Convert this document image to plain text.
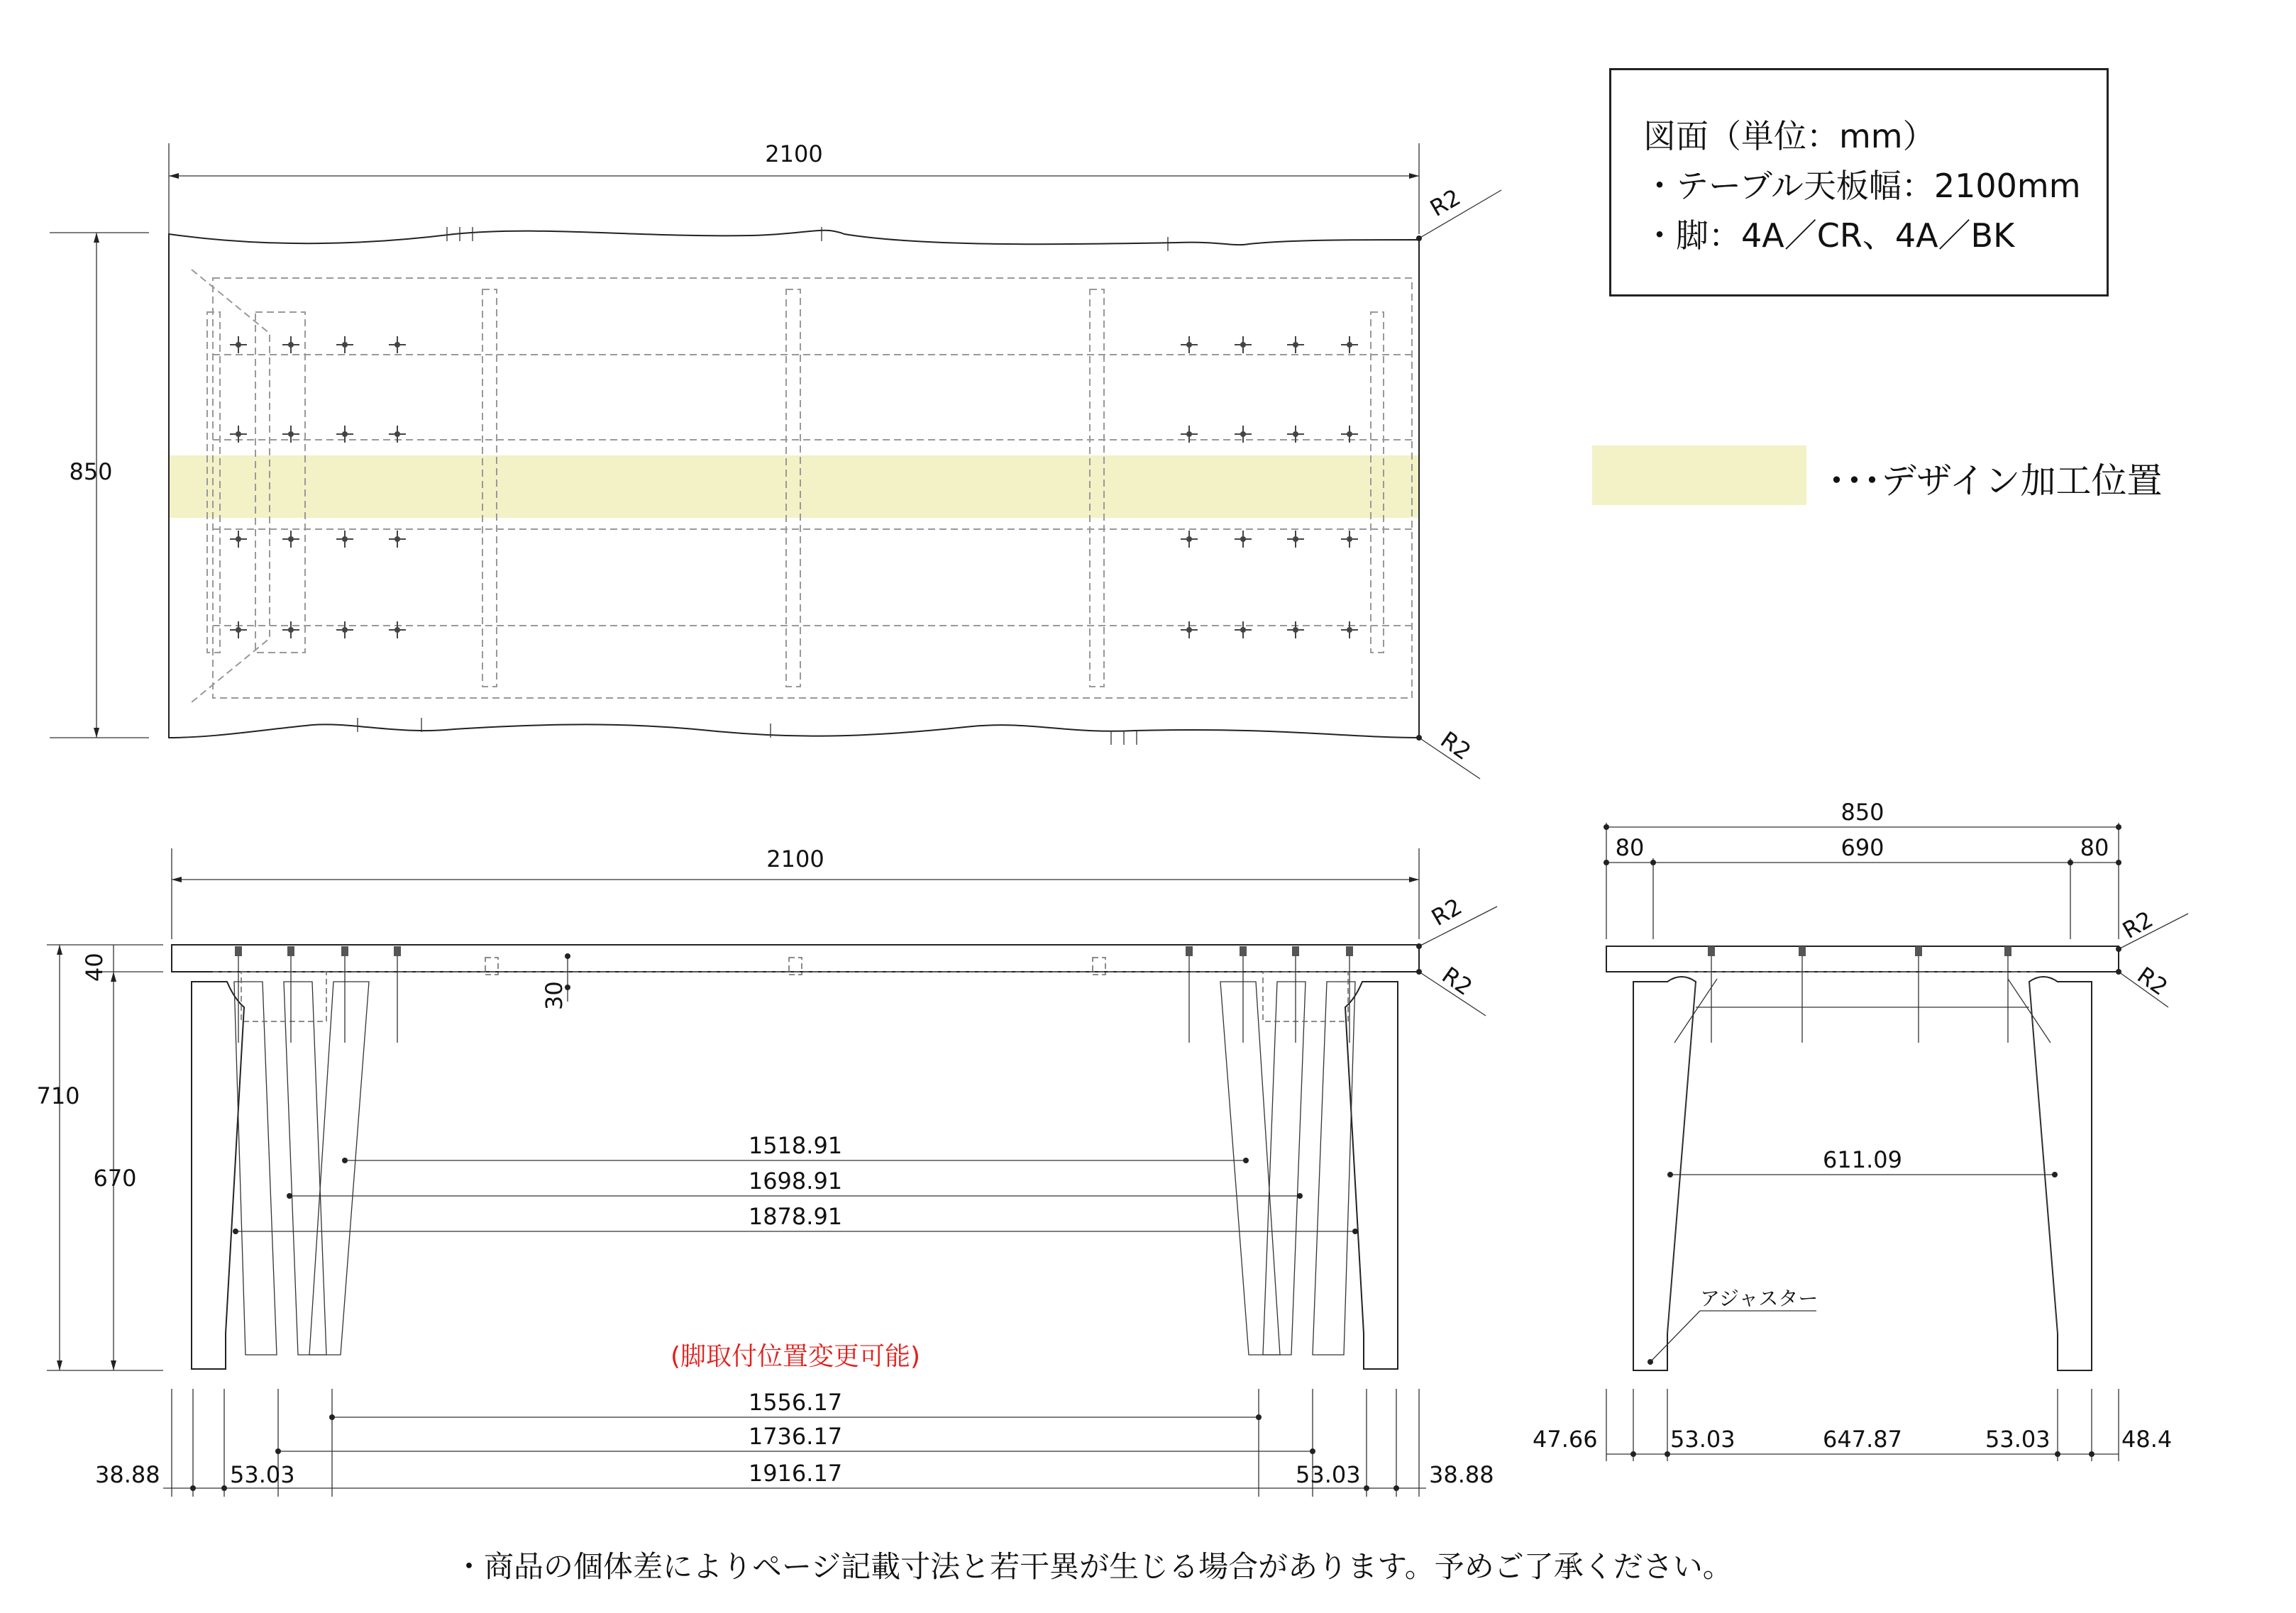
図面（単位：mm）
・テーブル天板幅：2100mm
・脚：4A／CR、4A／BK
･･･デザイン加工位置
2100
850
R2
R2
2100
710
670
40
30
1518.91
1698.91
1878.91
(脚取付位置変更可能)
1556.17
1736.17
1916.17
38.88	53.03	53.03	38.88
R2
R2
850
80	690	80
611.09
アジャスター
47.66	53.03	647.87	53.03	48.4
R2
R2
・商品の個体差によりページ記載寸法と若干異が生じる場合があります。予めご了承ください。
